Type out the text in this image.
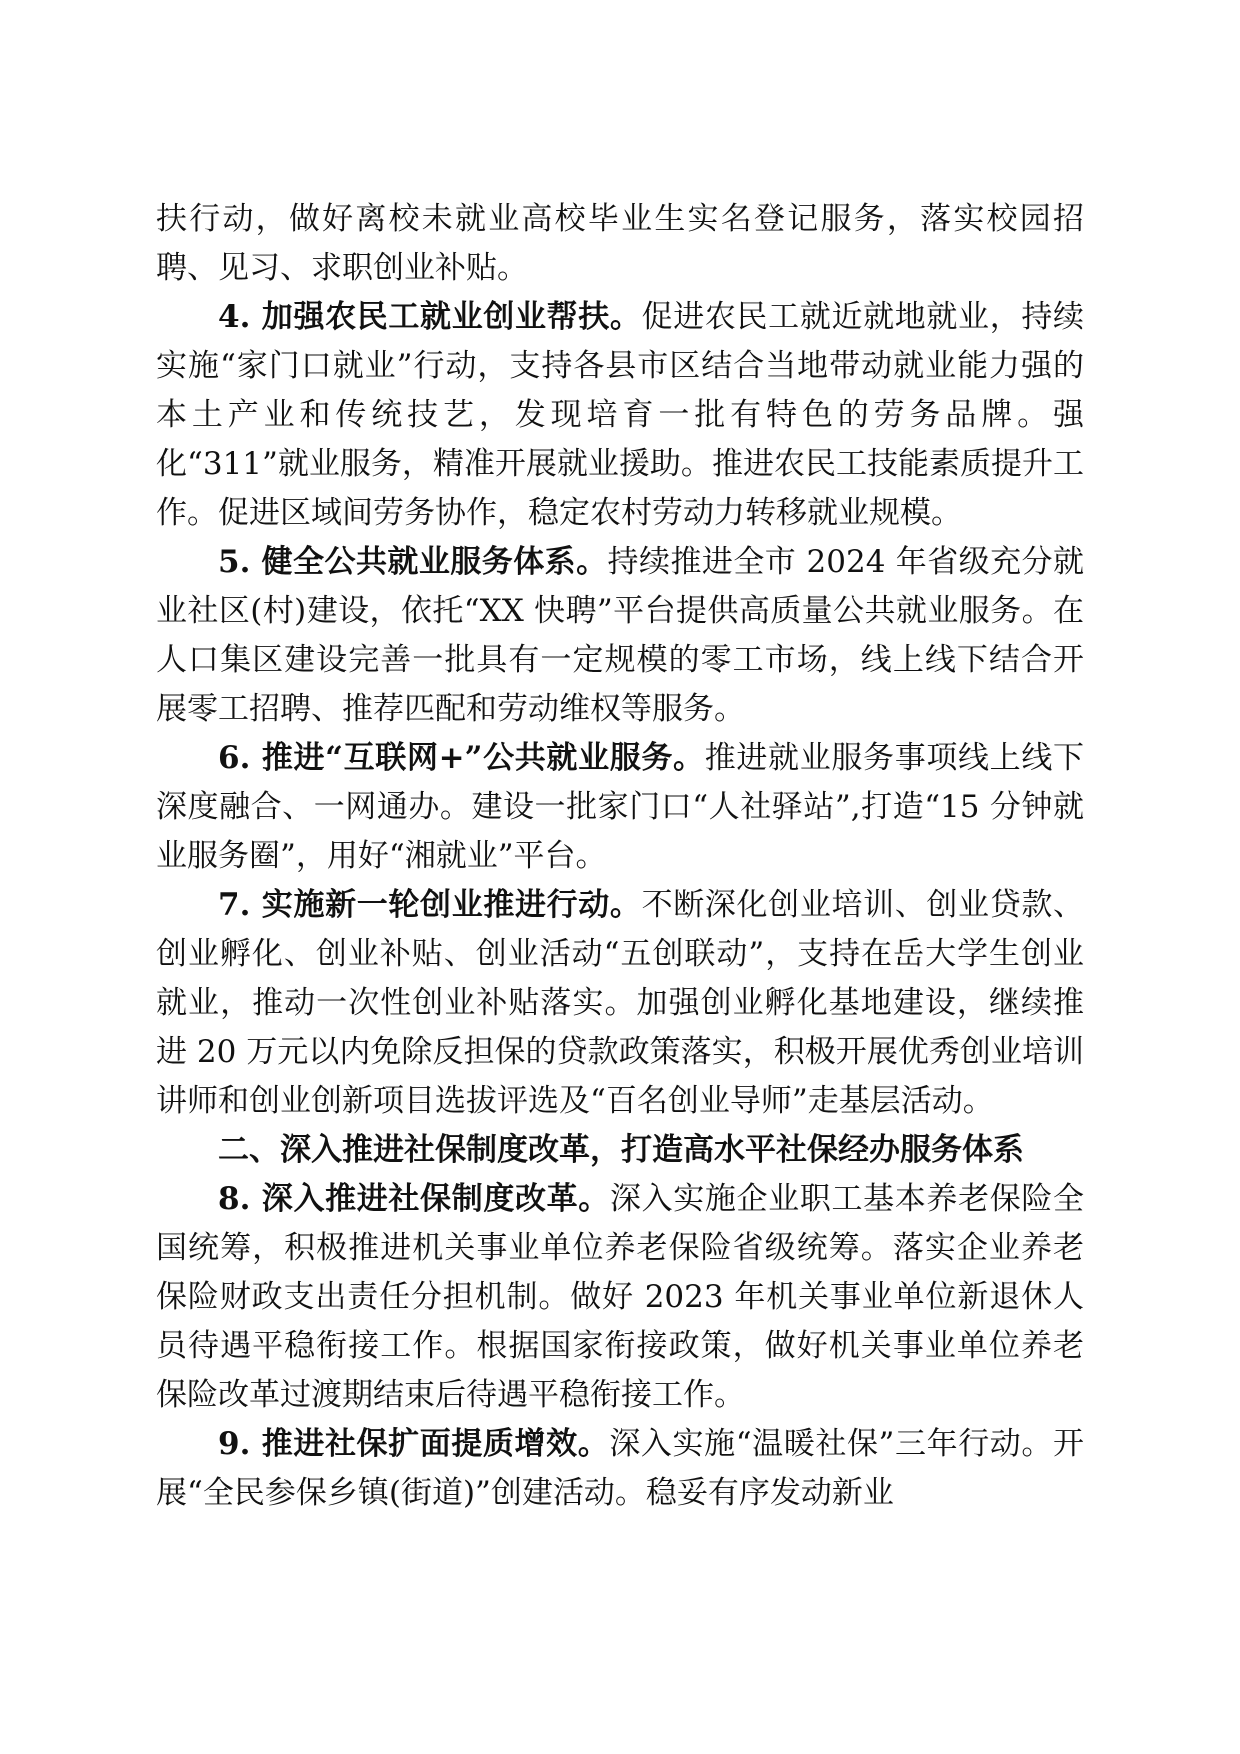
扶行动，做好离校未就业高校毕业生实名登记服务，落实校园招聘、见习、求职创业补贴。

4. 加强农民工就业创业帮扶。促进农民工就近就地就业，持续实施“家门口就业”行动，支持各县市区结合当地带动就业能力强的本土产业和传统技艺，发现培育一批有特色的劳务品牌。强化“311”就业服务，精准开展就业援助。推进农民工技能素质提升工作。促进区域间劳务协作，稳定农村劳动力转移就业规模。

5. 健全公共就业服务体系。持续推进全市 2024 年省级充分就业社区(村)建设，依托“XX 快聘”平台提供高质量公共就业服务。在人口集区建设完善一批具有一定规模的零工市场，线上线下结合开展零工招聘、推荐匹配和劳动维权等服务。

6. 推进“互联网+”公共就业服务。推进就业服务事项线上线下深度融合、一网通办。建设一批家门口“人社驿站”,打造“15 分钟就业服务圈”，用好“湘就业”平台。

7. 实施新一轮创业推进行动。不断深化创业培训、创业贷款、创业孵化、创业补贴、创业活动“五创联动”，支持在岳大学生创业就业，推动一次性创业补贴落实。加强创业孵化基地建设，继续推进 20 万元以内免除反担保的贷款政策落实，积极开展优秀创业培训讲师和创业创新项目选拔评选及“百名创业导师”走基层活动。

二、深入推进社保制度改革，打造高水平社保经办服务体系

8. 深入推进社保制度改革。深入实施企业职工基本养老保险全国统筹，积极推进机关事业单位养老保险省级统筹。落实企业养老保险财政支出责任分担机制。做好 2023 年机关事业单位新退休人员待遇平稳衔接工作。根据国家衔接政策，做好机关事业单位养老保险改革过渡期结束后待遇平稳衔接工作。

9. 推进社保扩面提质增效。深入实施“温暖社保”三年行动。开展“全民参保乡镇(街道)”创建活动。稳妥有序发动新业
